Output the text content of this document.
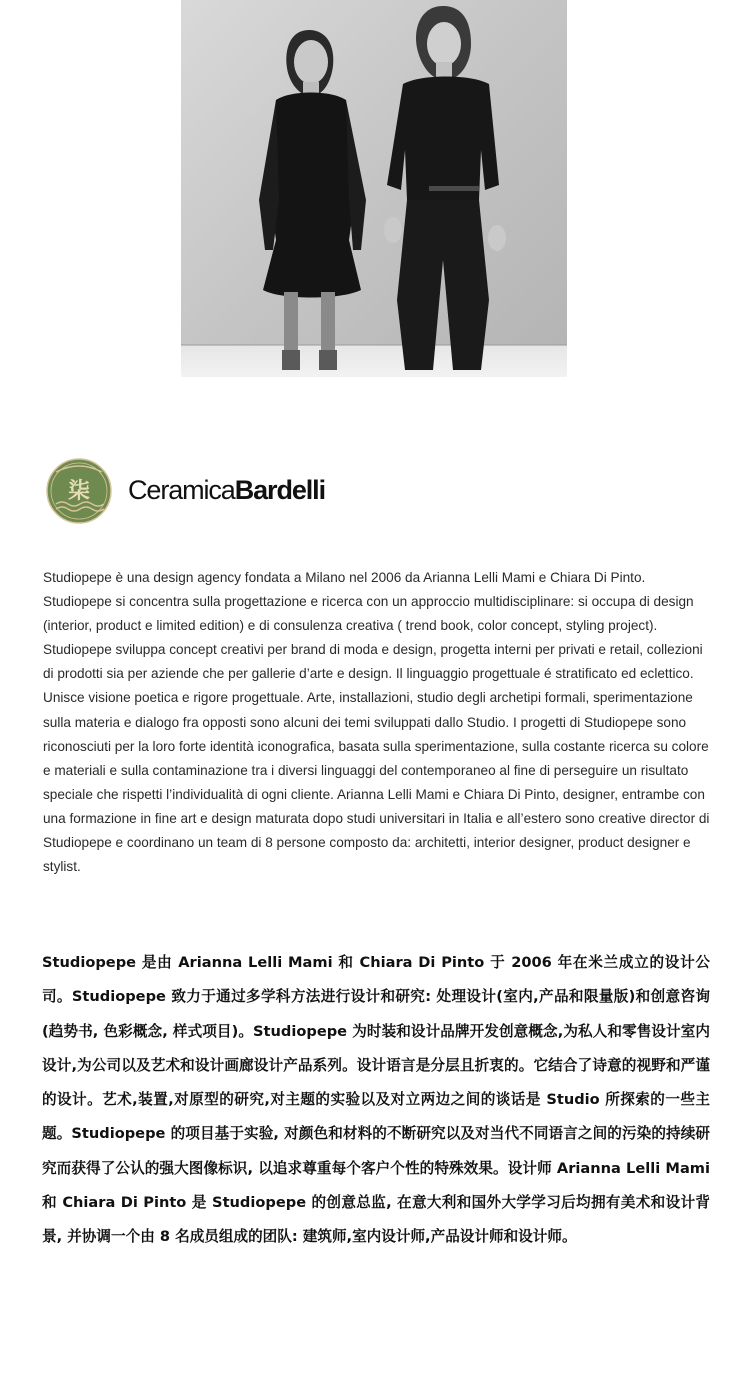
柒 CeramicaBardelli

Studiopepe è una design agency fondata a Milano nel 2006 da Arianna Lelli Mami e Chiara Di Pinto. Studiopepe si concentra sulla progettazione e ricerca con un approccio multidisciplinare: si occupa di design (interior, product e limited edition) e di consulenza creativa ( trend book, color concept, styling project). Studiopepe sviluppa concept creativi per brand di moda e design, progetta interni per privati e retail, collezioni di prodotti sia per aziende che per gallerie d’arte e design. Il linguaggio progettuale é stratificato ed eclettico. Unisce visione poetica e rigore progettuale. Arte, installazioni, studio degli archetipi formali, sperimentazione sulla materia e dialogo fra opposti sono alcuni dei temi sviluppati dallo Studio. I progetti di Studiopepe sono riconosciuti per la loro forte identità iconografica, basata sulla sperimentazione, sulla costante ricerca su colore e materiali e sulla contaminazione tra i diversi linguaggi del contemporaneo al fine di perseguire un risultato speciale che rispetti l’individualità di ogni cliente. Arianna Lelli Mami e Chiara Di Pinto, designer, entrambe con una formazione in fine art e design maturata dopo studi universitari in Italia e all’estero sono creative director di Studiopepe e coordinano un team di 8 persone composto da: architetti, interior designer, product designer e stylist.

Studiopepe 是由 Arianna Lelli Mami 和 Chiara Di Pinto 于 2006 年在米兰成立的设计公司。Studiopepe 致力于通过多学科方法进行设计和研究: 处理设计(室内,产品和限量版)和创意咨询(趋势书, 色彩概念, 样式项目)。Studiopepe 为时装和设计品牌开发创意概念,为私人和零售设计室内设计,为公司以及艺术和设计画廊设计产品系列。设计语言是分层且折衷的。它结合了诗意的视野和严谨的设计。艺术,装置,对原型的研究,对主题的实验以及对立两边之间的谈话是 Studio 所探索的一些主题。Studiopepe 的项目基于实验, 对颜色和材料的不断研究以及对当代不同语言之间的污染的持续研究而获得了公认的强大图像标识, 以追求尊重每个客户个性的特殊效果。设计师 Arianna Lelli Mami 和 Chiara Di Pinto 是 Studiopepe 的创意总监, 在意大利和国外大学学习后均拥有美术和设计背景, 并协调一个由 8 名成员组成的团队: 建筑师,室内设计师,产品设计师和设计师。
